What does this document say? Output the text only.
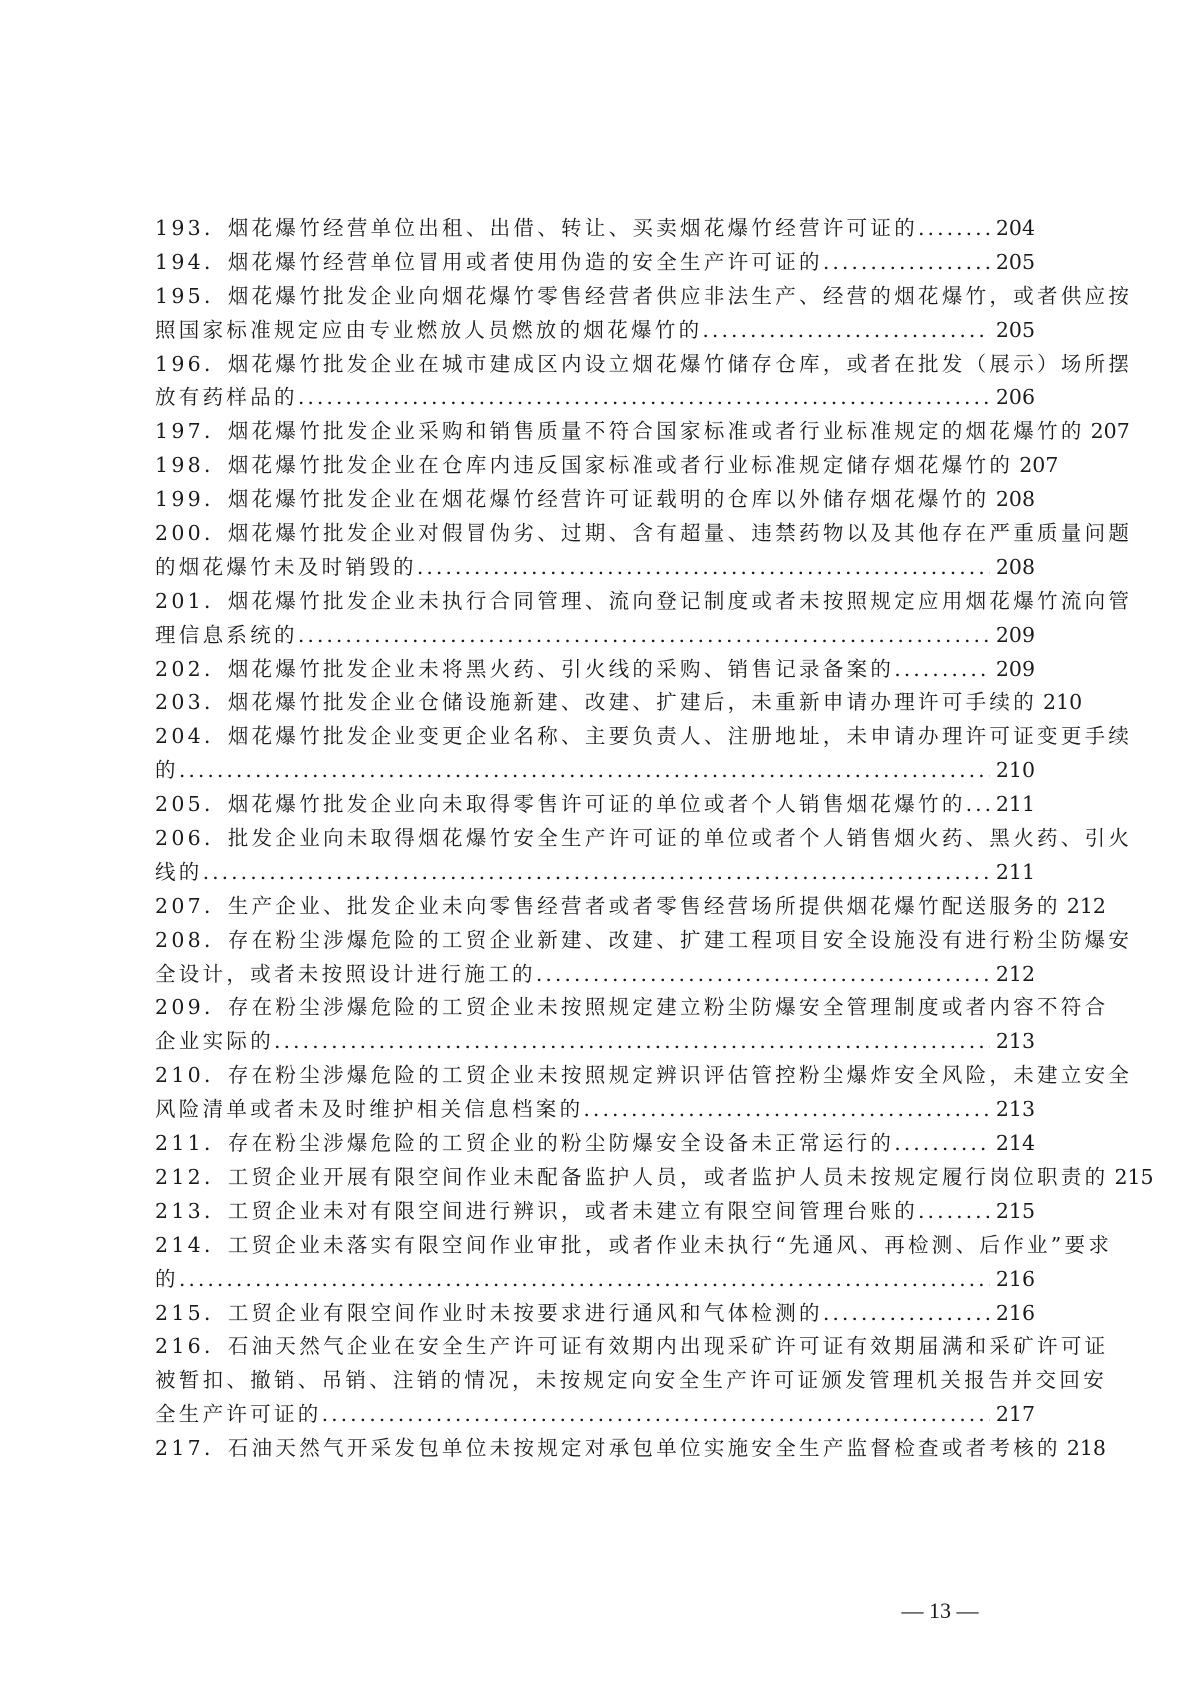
193．烟花爆竹经营单位出租、出借、转让、买卖烟花爆竹经营许可证的 .....	204
194．烟花爆竹经营单位冒用或者使用伪造的安全生产许可证的 .....	205
195．烟花爆竹批发企业向烟花爆竹零售经营者供应非法生产、经营的烟花爆竹，或者供应按
照国家标准规定应由专业燃放人员燃放的烟花爆竹的 .....	205
196．烟花爆竹批发企业在城市建成区内设立烟花爆竹储存仓库，或者在批发（展示）场所摆
放有药样品的 .....	206
197．烟花爆竹批发企业采购和销售质量不符合国家标准或者行业标准规定的烟花爆竹的 207
198．烟花爆竹批发企业在仓库内违反国家标准或者行业标准规定储存烟花爆竹的 207
199．烟花爆竹批发企业在烟花爆竹经营许可证载明的仓库以外储存烟花爆竹的 ..... 208
200．烟花爆竹批发企业对假冒伪劣、过期、含有超量、违禁药物以及其他存在严重质量问题
的烟花爆竹未及时销毁的 .....	208
201．烟花爆竹批发企业未执行合同管理、流向登记制度或者未按照规定应用烟花爆竹流向管
理信息系统的 .....	209
202．烟花爆竹批发企业未将黑火药、引火线的采购、销售记录备案的 .....	209
203．烟花爆竹批发企业仓储设施新建、改建、扩建后，未重新申请办理许可手续的 210
204．烟花爆竹批发企业变更企业名称、主要负责人、注册地址，未申请办理许可证变更手续
的 .....	210
205．烟花爆竹批发企业向未取得零售许可证的单位或者个人销售烟花爆竹的 ..... 211
206．批发企业向未取得烟花爆竹安全生产许可证的单位或者个人销售烟火药、黑火药、引火
线的 .....	211
207．生产企业、批发企业未向零售经营者或者零售经营场所提供烟花爆竹配送服务的 212
208．存在粉尘涉爆危险的工贸企业新建、改建、扩建工程项目安全设施没有进行粉尘防爆安
全设计，或者未按照设计进行施工的 .....	212
209．存在粉尘涉爆危险的工贸企业未按照规定建立粉尘防爆安全管理制度或者内容不符合
企业实际的 .....	213
210．存在粉尘涉爆危险的工贸企业未按照规定辨识评估管控粉尘爆炸安全风险，未建立安全
风险清单或者未及时维护相关信息档案的 .....	213
211．存在粉尘涉爆危险的工贸企业的粉尘防爆安全设备未正常运行的 .....	214
212．工贸企业开展有限空间作业未配备监护人员，或者监护人员未按规定履行岗位职责的 215
213．工贸企业未对有限空间进行辨识，或者未建立有限空间管理台账的 .....	215
214．工贸企业未落实有限空间作业审批，或者作业未执行“先通风、再检测、后作业”要求
的 .....	216
215．工贸企业有限空间作业时未按要求进行通风和气体检测的 .....	216
216．石油天然气企业在安全生产许可证有效期内出现采矿许可证有效期届满和采矿许可证
被暂扣、撤销、吊销、注销的情况，未按规定向安全生产许可证颁发管理机关报告并交回安
全生产许可证的 .....	217
217．石油天然气开采发包单位未按规定对承包单位实施安全生产监督检查或者考核的 218
— 13 —
